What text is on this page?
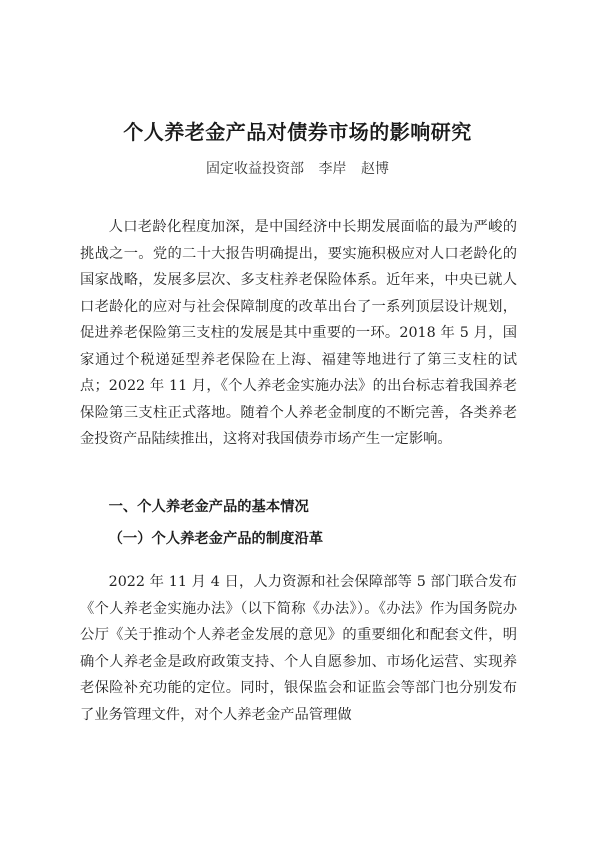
个人养老金产品对债券市场的影响研究
固定收益投资部 李岸 赵博

人口老龄化程度加深，是中国经济中长期发展面临的最为严峻的挑战之一。党的二十大报告明确提出，要实施积极应对人口老龄化的国家战略，发展多层次、多支柱养老保险体系。近年来，中央已就人口老龄化的应对与社会保障制度的改革出台了一系列顶层设计规划，促进养老保险第三支柱的发展是其中重要的一环。2018 年 5 月，国家通过个税递延型养老保险在上海、福建等地进行了第三支柱的试点；2022 年 11 月，《个人养老金实施办法》的出台标志着我国养老保险第三支柱正式落地。随着个人养老金制度的不断完善，各类养老金投资产品陆续推出，这将对我国债券市场产生一定影响。

一、个人养老金产品的基本情况

（一）个人养老金产品的制度沿革

2022 年 11 月 4 日，人力资源和社会保障部等 5 部门联合发布《个人养老金实施办法》（以下简称《办法》）。《办法》作为国务院办公厅《关于推动个人养老金发展的意见》的重要细化和配套文件，明确个人养老金是政府政策支持、个人自愿参加、市场化运营、实现养老保险补充功能的定位。同时，银保监会和证监会等部门也分别发布了业务管理文件，对个人养老金产品管理做
